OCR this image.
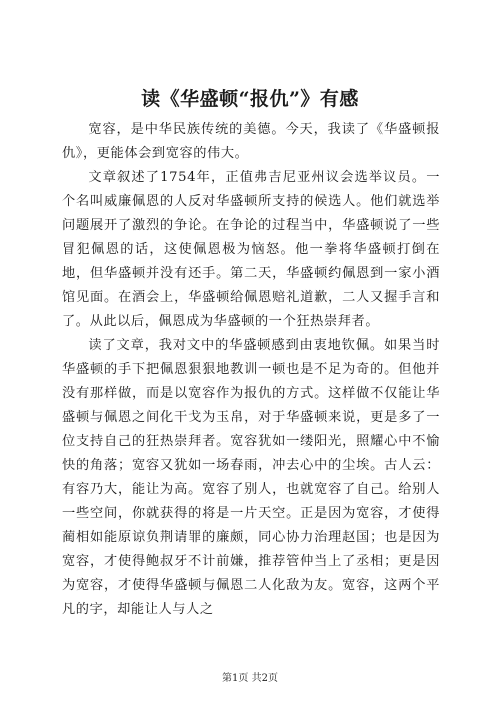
读《华盛顿“报仇”》有感

宽容，是中华民族传统的美德。今天，我读了《华盛顿报仇》，更能体会到宽容的伟大。

文章叙述了1754年，正值弗吉尼亚州议会选举议员。一个名叫威廉佩恩的人反对华盛顿所支持的候选人。他们就选举问题展开了激烈的争论。在争论的过程当中，华盛顿说了一些冒犯佩恩的话，这使佩恩极为恼怒。他一拳将华盛顿打倒在地，但华盛顿并没有还手。第二天，华盛顿约佩恩到一家小酒馆见面。在酒会上，华盛顿给佩恩赔礼道歉，二人又握手言和了。从此以后，佩恩成为华盛顿的一个狂热崇拜者。

读了文章，我对文中的华盛顿感到由衷地钦佩。如果当时华盛顿的手下把佩恩狠狠地教训一顿也是不足为奇的。但他并没有那样做，而是以宽容作为报仇的方式。这样做不仅能让华盛顿与佩恩之间化干戈为玉帛，对于华盛顿来说，更是多了一位支持自己的狂热崇拜者。宽容犹如一缕阳光，照耀心中不愉快的角落；宽容又犹如一场春雨，冲去心中的尘埃。古人云：有容乃大，能让为高。宽容了别人，也就宽容了自己。给别人一些空间，你就获得的将是一片天空。正是因为宽容，才使得蔺相如能原谅负荆请罪的廉颇，同心协力治理赵国；也是因为宽容，才使得鲍叔牙不计前嫌，推荐管仲当上了丞相；更是因为宽容，才使得华盛顿与佩恩二人化敌为友。宽容，这两个平凡的字，却能让人与人之

第1页 共2页
